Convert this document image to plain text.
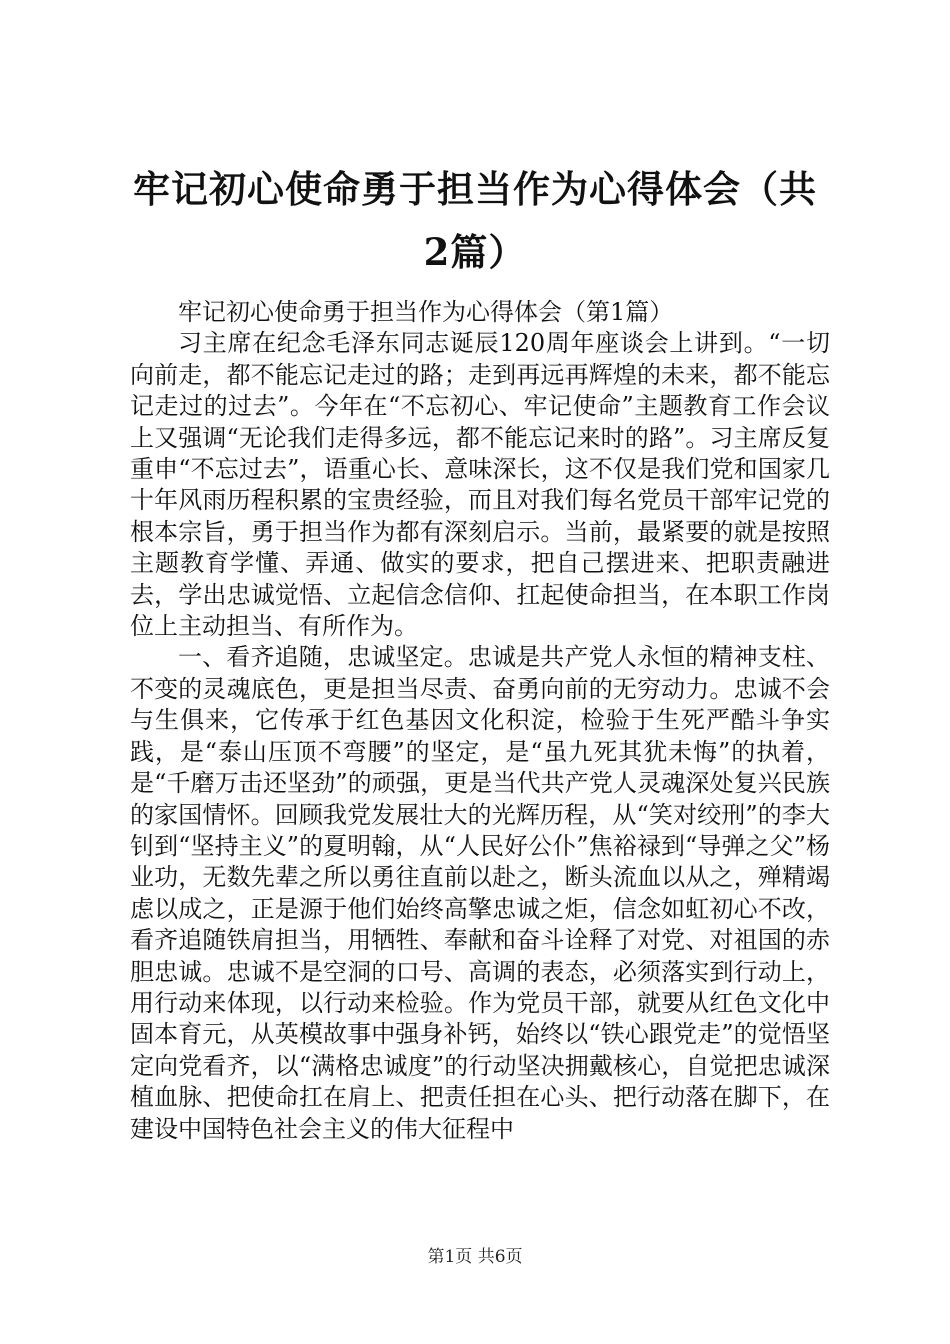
牢记初心使命勇于担当作为心得体会（共2篇）

牢记初心使命勇于担当作为心得体会（第1篇）

习主席在纪念毛泽东同志诞辰120周年座谈会上讲到。“一切向前走，都不能忘记走过的路；走到再远再辉煌的未来，都不能忘记走过的过去”。今年在“不忘初心、牢记使命”主题教育工作会议上又强调“无论我们走得多远，都不能忘记来时的路”。习主席反复重申“不忘过去”，语重心长、意味深长，这不仅是我们党和国家几十年风雨历程积累的宝贵经验，而且对我们每名党员干部牢记党的根本宗旨，勇于担当作为都有深刻启示。当前，最紧要的就是按照主题教育学懂、弄通、做实的要求，把自己摆进来、把职责融进去，学出忠诚觉悟、立起信念信仰、扛起使命担当，在本职工作岗位上主动担当、有所作为。

一、看齐追随，忠诚坚定。忠诚是共产党人永恒的精神支柱、不变的灵魂底色，更是担当尽责、奋勇向前的无穷动力。忠诚不会与生俱来，它传承于红色基因文化积淀，检验于生死严酷斗争实践，是“泰山压顶不弯腰”的坚定，是“虽九死其犹未悔”的执着，是“千磨万击还坚劲”的顽强，更是当代共产党人灵魂深处复兴民族的家国情怀。回顾我党发展壮大的光辉历程，从“笑对绞刑”的李大钊到“坚持主义”的夏明翰，从“人民好公仆”焦裕禄到“导弹之父”杨业功，无数先辈之所以勇往直前以赴之，断头流血以从之，殚精竭虑以成之，正是源于他们始终高擎忠诚之炬，信念如虹初心不改，看齐追随铁肩担当，用牺牲、奉献和奋斗诠释了对党、对祖国的赤胆忠诚。忠诚不是空洞的口号、高调的表态，必须落实到行动上，用行动来体现，以行动来检验。作为党员干部，就要从红色文化中固本育元，从英模故事中强身补钙，始终以“铁心跟党走”的觉悟坚定向党看齐，以“满格忠诚度”的行动坚决拥戴核心，自觉把忠诚深植血脉、把使命扛在肩上、把责任担在心头、把行动落在脚下，在建设中国特色社会主义的伟大征程中

第1页 共6页
